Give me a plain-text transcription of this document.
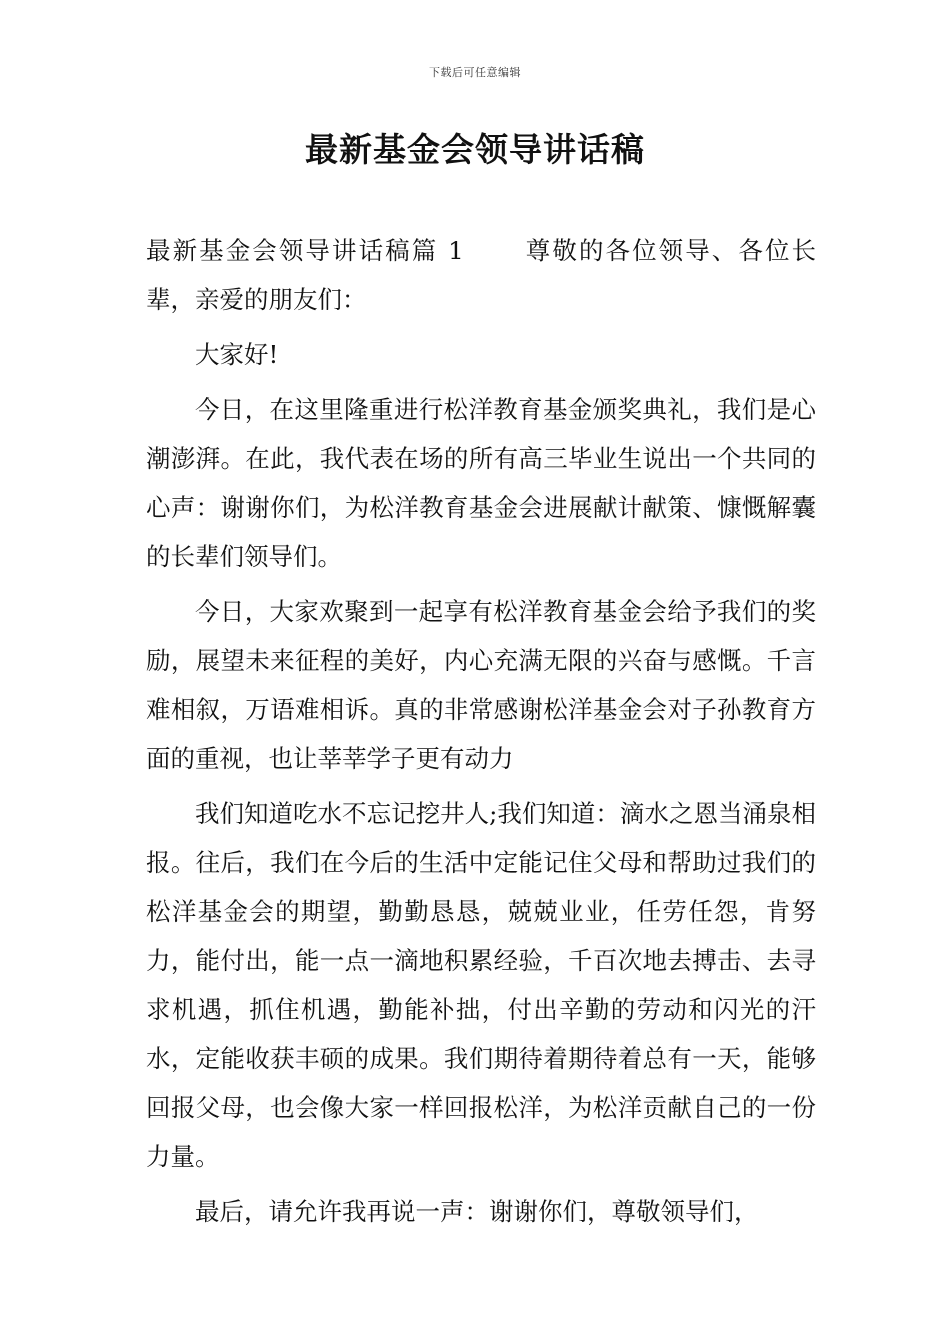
下载后可任意编辑
最新基金会领导讲话稿

最新基金会领导讲话稿篇 1 尊敬的各位领导、各位长辈，亲爱的朋友们：

大家好!

今日，在这里隆重进行松洋教育基金颁奖典礼，我们是心潮澎湃。在此，我代表在场的所有高三毕业生说出一个共同的心声：谢谢你们，为松洋教育基金会进展献计献策、慷慨解囊的长辈们领导们。

今日，大家欢聚到一起享有松洋教育基金会给予我们的奖励，展望未来征程的美好，内心充满无限的兴奋与感慨。千言难相叙，万语难相诉。真的非常感谢松洋基金会对子孙教育方面的重视，也让莘莘学子更有动力

我们知道吃水不忘记挖井人;我们知道：滴水之恩当涌泉相报。往后，我们在今后的生活中定能记住父母和帮助过我们的松洋基金会的期望，勤勤恳恳，兢兢业业，任劳任怨，肯努力，能付出，能一点一滴地积累经验，千百次地去搏击、去寻求机遇，抓住机遇，勤能补拙，付出辛勤的劳动和闪光的汗水，定能收获丰硕的成果。我们期待着期待着总有一天，能够回报父母，也会像大家一样回报松洋，为松洋贡献自己的一份力量。

最后，请允许我再说一声：谢谢你们，尊敬领导们，
